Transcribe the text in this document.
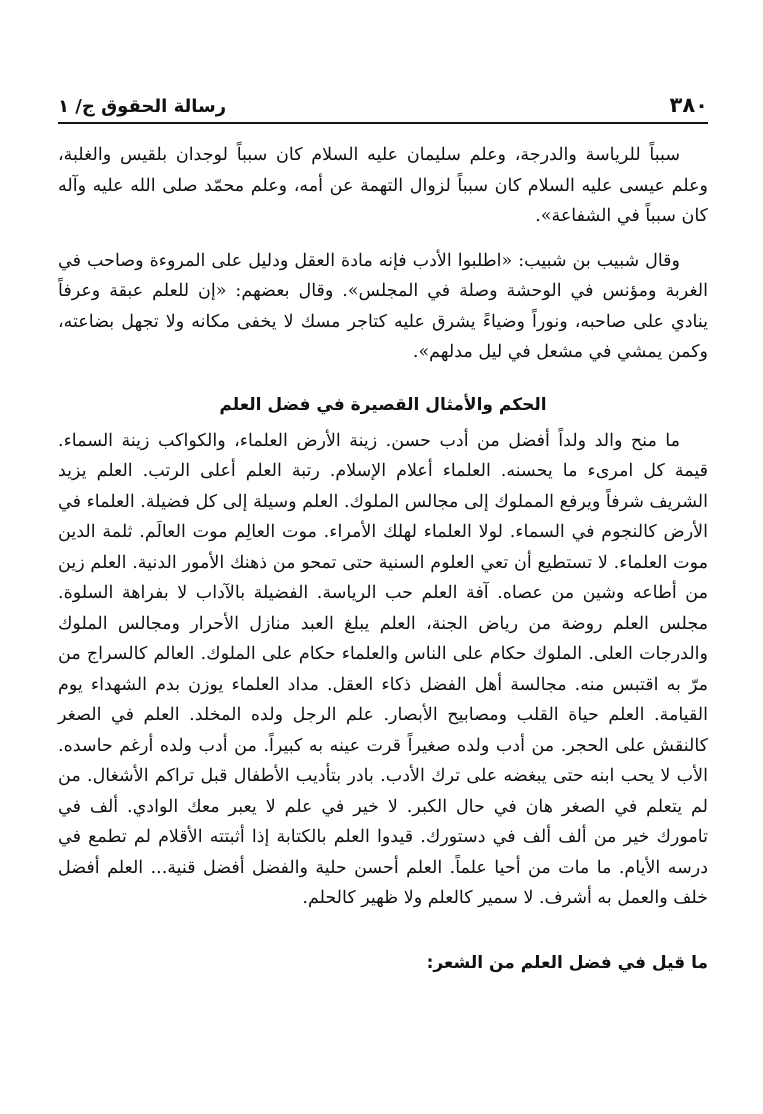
٣٨٠
رسالة الحقوق ج/ ١

سبباً للرياسة والدرجة، وعلم سليمان عليه السلام كان سبباً لوجدان بلقيس والغلبة، وعلم عيسى عليه السلام كان سبباً لزوال التهمة عن أمه، وعلم محمّد صلى الله عليه وآله كان سبباً في الشفاعة».

وقال شبيب بن شبيب: «اطلبوا الأدب فإنه مادة العقل ودليل على المروءة وصاحب في الغربة ومؤنس في الوحشة وصلة في المجلس». وقال بعضهم: «إن للعلم عبقة وعرفاً ينادي على صاحبه، ونوراً وضياءً يشرق عليه كتاجر مسك لا يخفى مكانه ولا تجهل بضاعته، وكمن يمشي في مشعل في ليل مدلهم».

الحكم والأمثال القصيرة في فضل العلم

ما منح والد ولداً أفضل من أدب حسن. زينة الأرض العلماء، والكواكب زينة السماء. قيمة كل امرىء ما يحسنه. العلماء أعلام الإسلام. رتبة العلم أعلى الرتب. العلم يزيد الشريف شرفاً ويرفع المملوك إلى مجالس الملوك. العلم وسيلة إلى كل فضيلة. العلماء في الأرض كالنجوم في السماء. لولا العلماء لهلك الأمراء. موت العالِم موت العالَم. ثلمة الدين موت العلماء. لا تستطيع أن تعي العلوم السنية حتى تمحو من ذهنك الأمور الدنية. العلم زين من أطاعه وشين من عصاه. آفة العلم حب الرياسة. الفضيلة بالآداب لا بفراهة السلوة. مجلس العلم روضة من رياض الجنة، العلم يبلغ العبد منازل الأحرار ومجالس الملوك والدرجات العلى. الملوك حكام على الناس والعلماء حكام على الملوك. العالم كالسراج من مرّ به اقتبس منه. مجالسة أهل الفضل ذكاء العقل. مداد العلماء يوزن بدم الشهداء يوم القيامة. العلم حياة القلب ومصابيح الأبصار. علم الرجل ولده المخلد. العلم في الصغر كالنقش على الحجر. من أدب ولده صغيراً قرت عينه به كبيراً. من أدب ولده أرغم حاسده. الأب لا يحب ابنه حتى يبغضه على ترك الأدب. بادر بتأديب الأطفال قبل تراكم الأشغال. من لم يتعلم في الصغر هان في حال الكبر. لا خير في علم لا يعبر معك الوادي. ألف في تامورك خير من ألف ألف في دستورك. قيدوا العلم بالكتابة إذا أثبتته الأقلام لم تطمع في درسه الأيام. ما مات من أحيا علماً. العلم أحسن حلية والفضل أفضل قنية... العلم أفضل خلف والعمل به أشرف. لا سمير كالعلم ولا ظهير كالحلم.

ما قيل في فضل العلم من الشعر:
